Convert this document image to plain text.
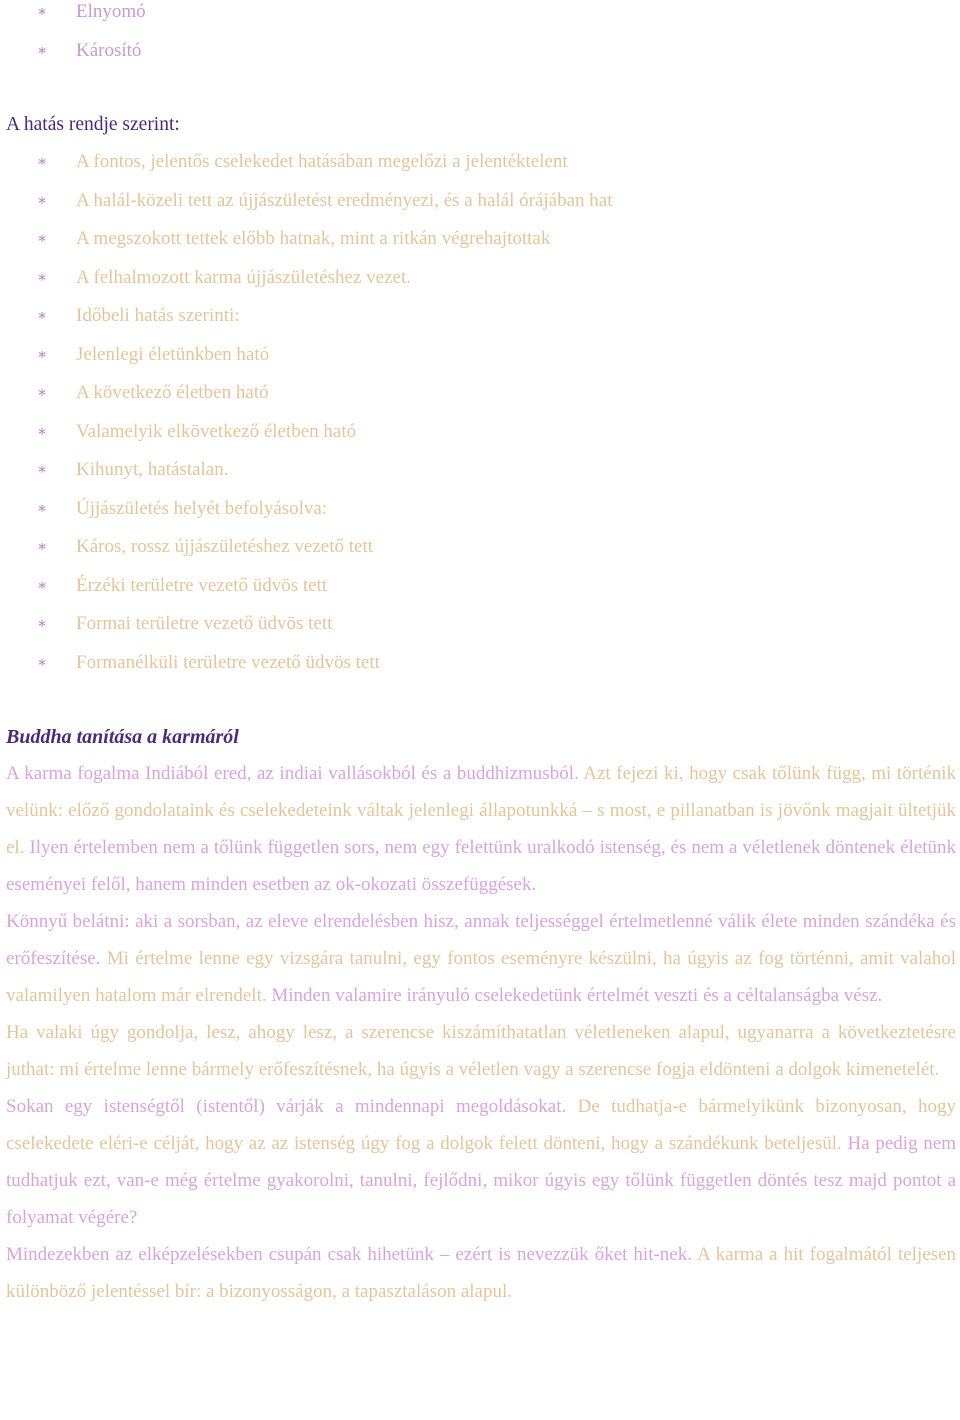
∗ Elnyomó
∗ Károsító
A hatás rendje szerint:
∗ A fontos, jelentős cselekedet hatásában megelőzi a jelentéktelent
∗ A halál-közeli tett az újjászületést eredményezi, és a halál órájában hat
∗ A megszokott tettek előbb hatnak, mint a ritkán végrehajtottak
∗ A felhalmozott karma újjászületéshez vezet.
∗ Időbeli hatás szerinti:
∗ Jelenlegi életünkben ható
∗ A következő életben ható
∗ Valamelyik elkövetkező életben ható
∗ Kihunyt, hatástalan.
∗ Újjászületés helyét befolyásolva:
∗ Káros, rossz újjászületéshez vezető tett
∗ Érzéki területre vezető üdvös tett
∗ Formai területre vezető üdvös tett
∗ Formanélküli területre vezető üdvös tett
Buddha tanítása a karmáról

A karma fogalma Indiából ered, az indiai vallásokból és a buddhizmusból. Azt fejezi ki, hogy csak tőlünk függ, mi történik velünk: előző gondolataink és cselekedeteink váltak jelenlegi állapotunkká – s most, e pillanatban is jövőnk magjait ültetjük el. Ilyen értelemben nem a tőlünk független sors, nem egy felettünk uralkodó istenség, és nem a véletlenek döntenek életünk eseményei felől, hanem minden esetben az ok-okozati összefüggések.

Könnyű belátni: aki a sorsban, az eleve elrendelésben hisz, annak teljességgel értelmetlenné válik élete minden szándéka és erőfeszítése. Mi értelme lenne egy vizsgára tanulni, egy fontos eseményre készülni, ha úgyis az fog történni, amit valahol valamilyen hatalom már elrendelt. Minden valamire irányuló cselekedetünk értelmét veszti és a céltalanságba vész.

Ha valaki úgy gondolja, lesz, ahogy lesz, a szerencse kiszámíthatatlan véletleneken alapul, ugyanarra a következtetésre juthat: mi értelme lenne bármely erőfeszítésnek, ha úgyis a véletlen vagy a szerencse fogja eldönteni a dolgok kimenetelét.

Sokan egy istenségtől (istentől) várják a mindennapi megoldásokat. De tudhatja-e bármelyikünk bizonyosan, hogy cselekedete eléri-e célját, hogy az az istenség úgy fog a dolgok felett dönteni, hogy a szándékunk beteljesül. Ha pedig nem tudhatjuk ezt, van-e még értelme gyakorolni, tanulni, fejlődni, mikor úgyis egy tőlünk független döntés tesz majd pontot a folyamat végére?

Mindezekben az elképzelésekben csupán csak hihetünk – ezért is nevezzük őket hit-nek. A karma a hit fogalmától teljesen különböző jelentéssel bír: a bizonyosságon, a tapasztaláson alapul.
